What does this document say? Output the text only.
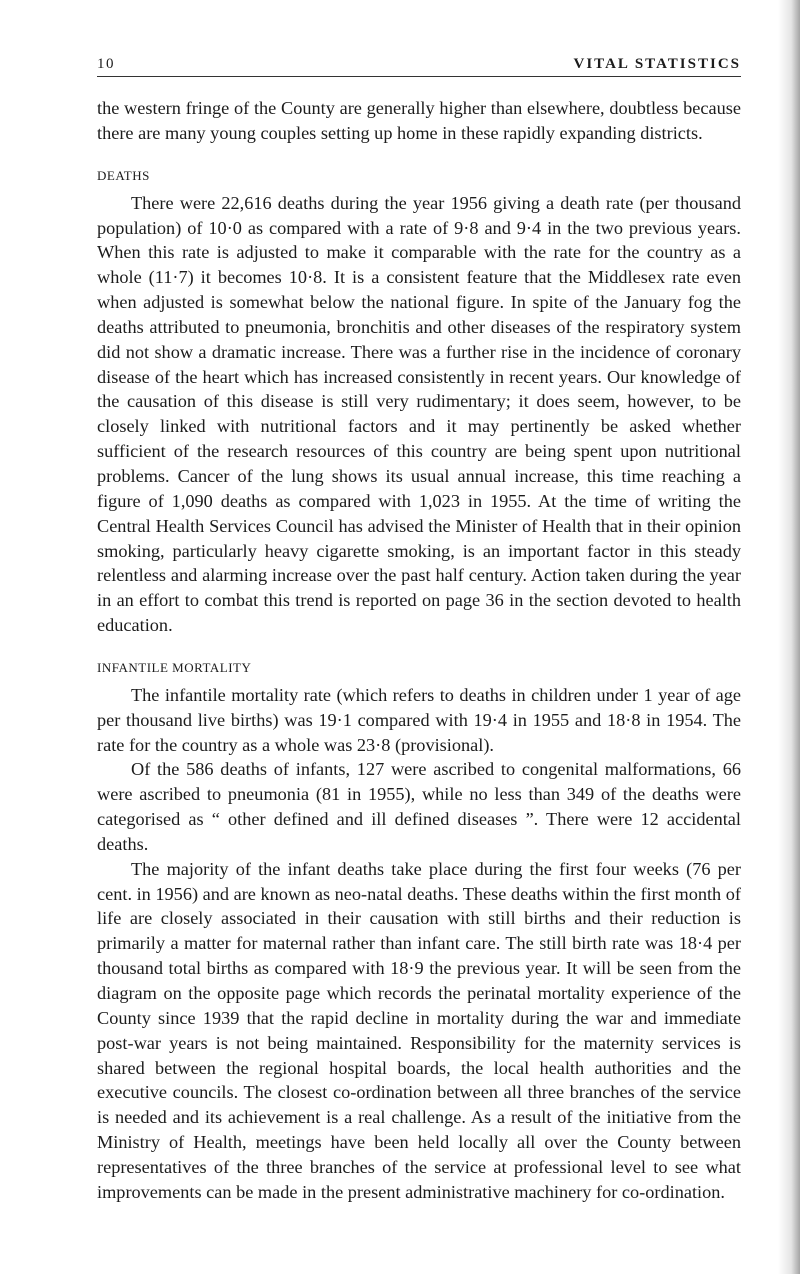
10	VITAL STATISTICS

the western fringe of the County are generally higher than elsewhere, doubtless because there are many young couples setting up home in these rapidly expanding districts.

DEATHS

There were 22,616 deaths during the year 1956 giving a death rate (per thousand population) of 10·0 as compared with a rate of 9·8 and 9·4 in the two previous years. When this rate is adjusted to make it comparable with the rate for the country as a whole (11·7) it becomes 10·8. It is a consistent feature that the Middlesex rate even when adjusted is somewhat below the national figure. In spite of the January fog the deaths attributed to pneumonia, bronchitis and other diseases of the respiratory system did not show a dramatic increase. There was a further rise in the incidence of coronary disease of the heart which has increased consistently in recent years. Our knowledge of the causation of this disease is still very rudimentary; it does seem, however, to be closely linked with nutritional factors and it may pertinently be asked whether sufficient of the research resources of this country are being spent upon nutritional problems. Cancer of the lung shows its usual annual increase, this time reaching a figure of 1,090 deaths as compared with 1,023 in 1955. At the time of writing the Central Health Services Council has advised the Minister of Health that in their opinion smoking, particularly heavy cigarette smoking, is an important factor in this steady relentless and alarming increase over the past half century. Action taken during the year in an effort to combat this trend is reported on page 36 in the section devoted to health education.

INFANTILE MORTALITY

The infantile mortality rate (which refers to deaths in children under 1 year of age per thousand live births) was 19·1 compared with 19·4 in 1955 and 18·8 in 1954. The rate for the country as a whole was 23·8 (provisional).

Of the 586 deaths of infants, 127 were ascribed to congenital malformations, 66 were ascribed to pneumonia (81 in 1955), while no less than 349 of the deaths were categorised as “ other defined and ill defined diseases ”. There were 12 accidental deaths.

The majority of the infant deaths take place during the first four weeks (76 per cent. in 1956) and are known as neo-natal deaths. These deaths within the first month of life are closely associated in their causation with still births and their reduction is primarily a matter for maternal rather than infant care. The still birth rate was 18·4 per thousand total births as compared with 18·9 the previous year. It will be seen from the diagram on the opposite page which records the perinatal mortality experience of the County since 1939 that the rapid decline in mortality during the war and immediate post-war years is not being maintained. Responsibility for the maternity services is shared between the regional hospital boards, the local health authorities and the executive councils. The closest co-ordination between all three branches of the service is needed and its achievement is a real challenge. As a result of the initiative from the Ministry of Health, meetings have been held locally all over the County between representatives of the three branches of the service at professional level to see what improvements can be made in the present administrative machinery for co-ordination.
